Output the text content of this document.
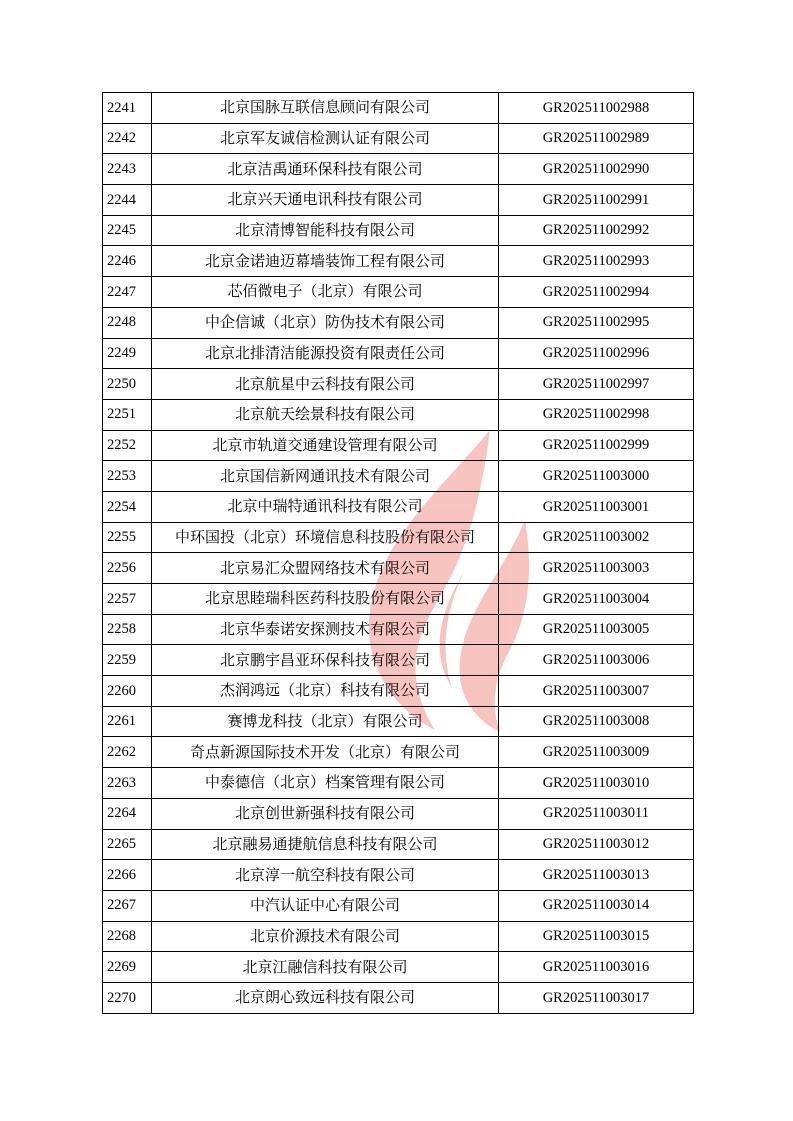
2241	北京国脉互联信息顾问有限公司	GR202511002988
2242	北京军友诚信检测认证有限公司	GR202511002989
2243	北京洁禹通环保科技有限公司	GR202511002990
2244	北京兴天通电讯科技有限公司	GR202511002991
2245	北京清博智能科技有限公司	GR202511002992
2246	北京金诺迪迈幕墙装饰工程有限公司	GR202511002993
2247	芯佰微电子（北京）有限公司	GR202511002994
2248	中企信诚（北京）防伪技术有限公司	GR202511002995
2249	北京北排清洁能源投资有限责任公司	GR202511002996
2250	北京航星中云科技有限公司	GR202511002997
2251	北京航天绘景科技有限公司	GR202511002998
2252	北京市轨道交通建设管理有限公司	GR202511002999
2253	北京国信新网通讯技术有限公司	GR202511003000
2254	北京中瑞特通讯科技有限公司	GR202511003001
2255	中环国投（北京）环境信息科技股份有限公司	GR202511003002
2256	北京易汇众盟网络技术有限公司	GR202511003003
2257	北京思睦瑞科医药科技股份有限公司	GR202511003004
2258	北京华泰诺安探测技术有限公司	GR202511003005
2259	北京鹏宇昌亚环保科技有限公司	GR202511003006
2260	杰润鸿远（北京）科技有限公司	GR202511003007
2261	赛博龙科技（北京）有限公司	GR202511003008
2262	奇点新源国际技术开发（北京）有限公司	GR202511003009
2263	中泰德信（北京）档案管理有限公司	GR202511003010
2264	北京创世新强科技有限公司	GR202511003011
2265	北京融易通捷航信息科技有限公司	GR202511003012
2266	北京淳一航空科技有限公司	GR202511003013
2267	中汽认证中心有限公司	GR202511003014
2268	北京价源技术有限公司	GR202511003015
2269	北京江融信科技有限公司	GR202511003016
2270	北京朗心致远科技有限公司	GR202511003017
